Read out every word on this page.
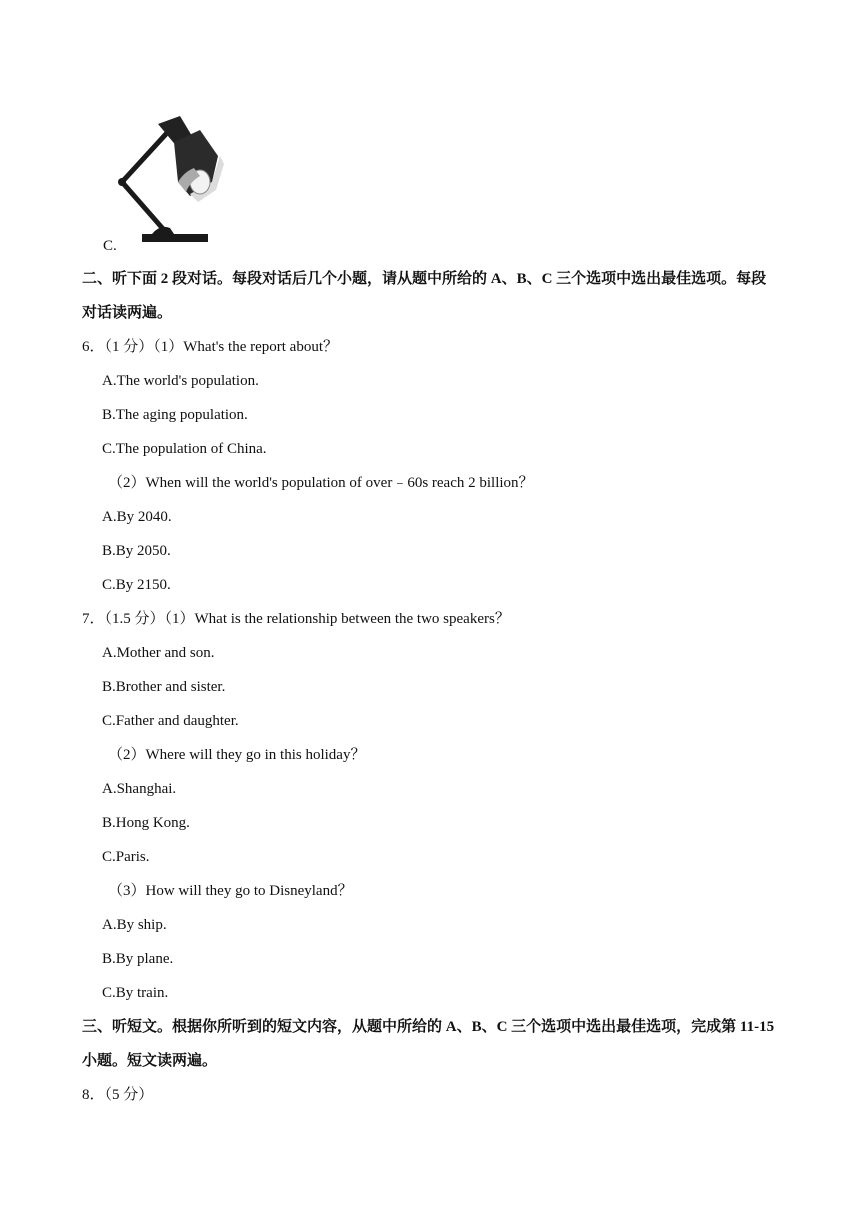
C.
二、听下面 2 段对话。每段对话后几个小题，请从题中所给的 A、B、C 三个选项中选出最佳选项。每段
对话读两遍。
6．（1 分）（1）What's the report about？
A.The world's population.
B.The aging population.
C.The population of China.
（2）When will the world's population of over﹣60s reach 2 billion？
A.By 2040.
B.By 2050.
C.By 2150.
7．（1.5 分）（1）What is the relationship between the two speakers？
A.Mother and son.
B.Brother and sister.
C.Father and daughter.
（2）Where will they go in this holiday？
A.Shanghai.
B.Hong Kong.
C.Paris.
（3）How will they go to Disneyland？
A.By ship.
B.By plane.
C.By train.
三、听短文。根据你所听到的短文内容，从题中所给的 A、B、C 三个选项中选出最佳选项，完成第 11-15
小题。短文读两遍。
8．（5 分）
